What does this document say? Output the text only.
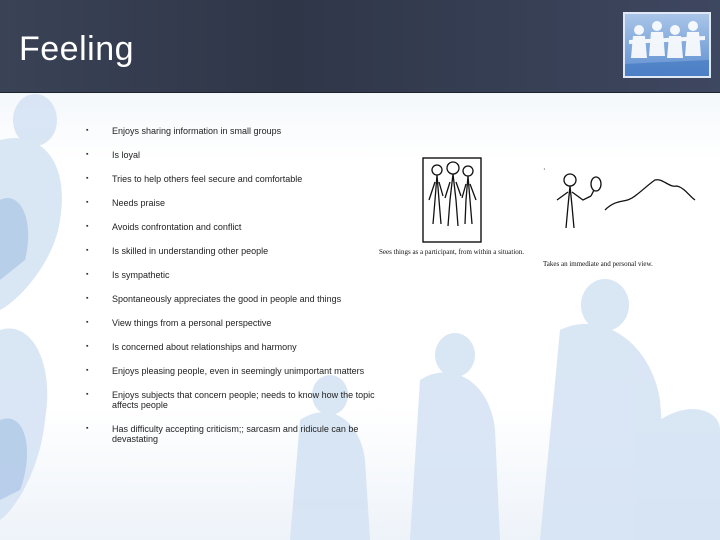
Feeling
▪	Enjoys sharing information in small groups
▪	Is loyal
▪	Tries to help others feel secure and comfortable
▪	Needs praise
▪	Avoids confrontation and conflict
▪	Is skilled in understanding other people
▪	Is sympathetic
▪	Spontaneously appreciates the good in people and things
▪	View things from a personal perspective
▪	Is concerned about relationships and harmony
▪	Enjoys pleasing people, even in seemingly unimportant matters
▪	Enjoys subjects that concern people; needs to know how the topic affects people
▪	Has difficulty accepting criticism;; sarcasm and ridicule can be devastating
Sees things as a participant, from within a situation.
·
Takes an immediate and personal view.
